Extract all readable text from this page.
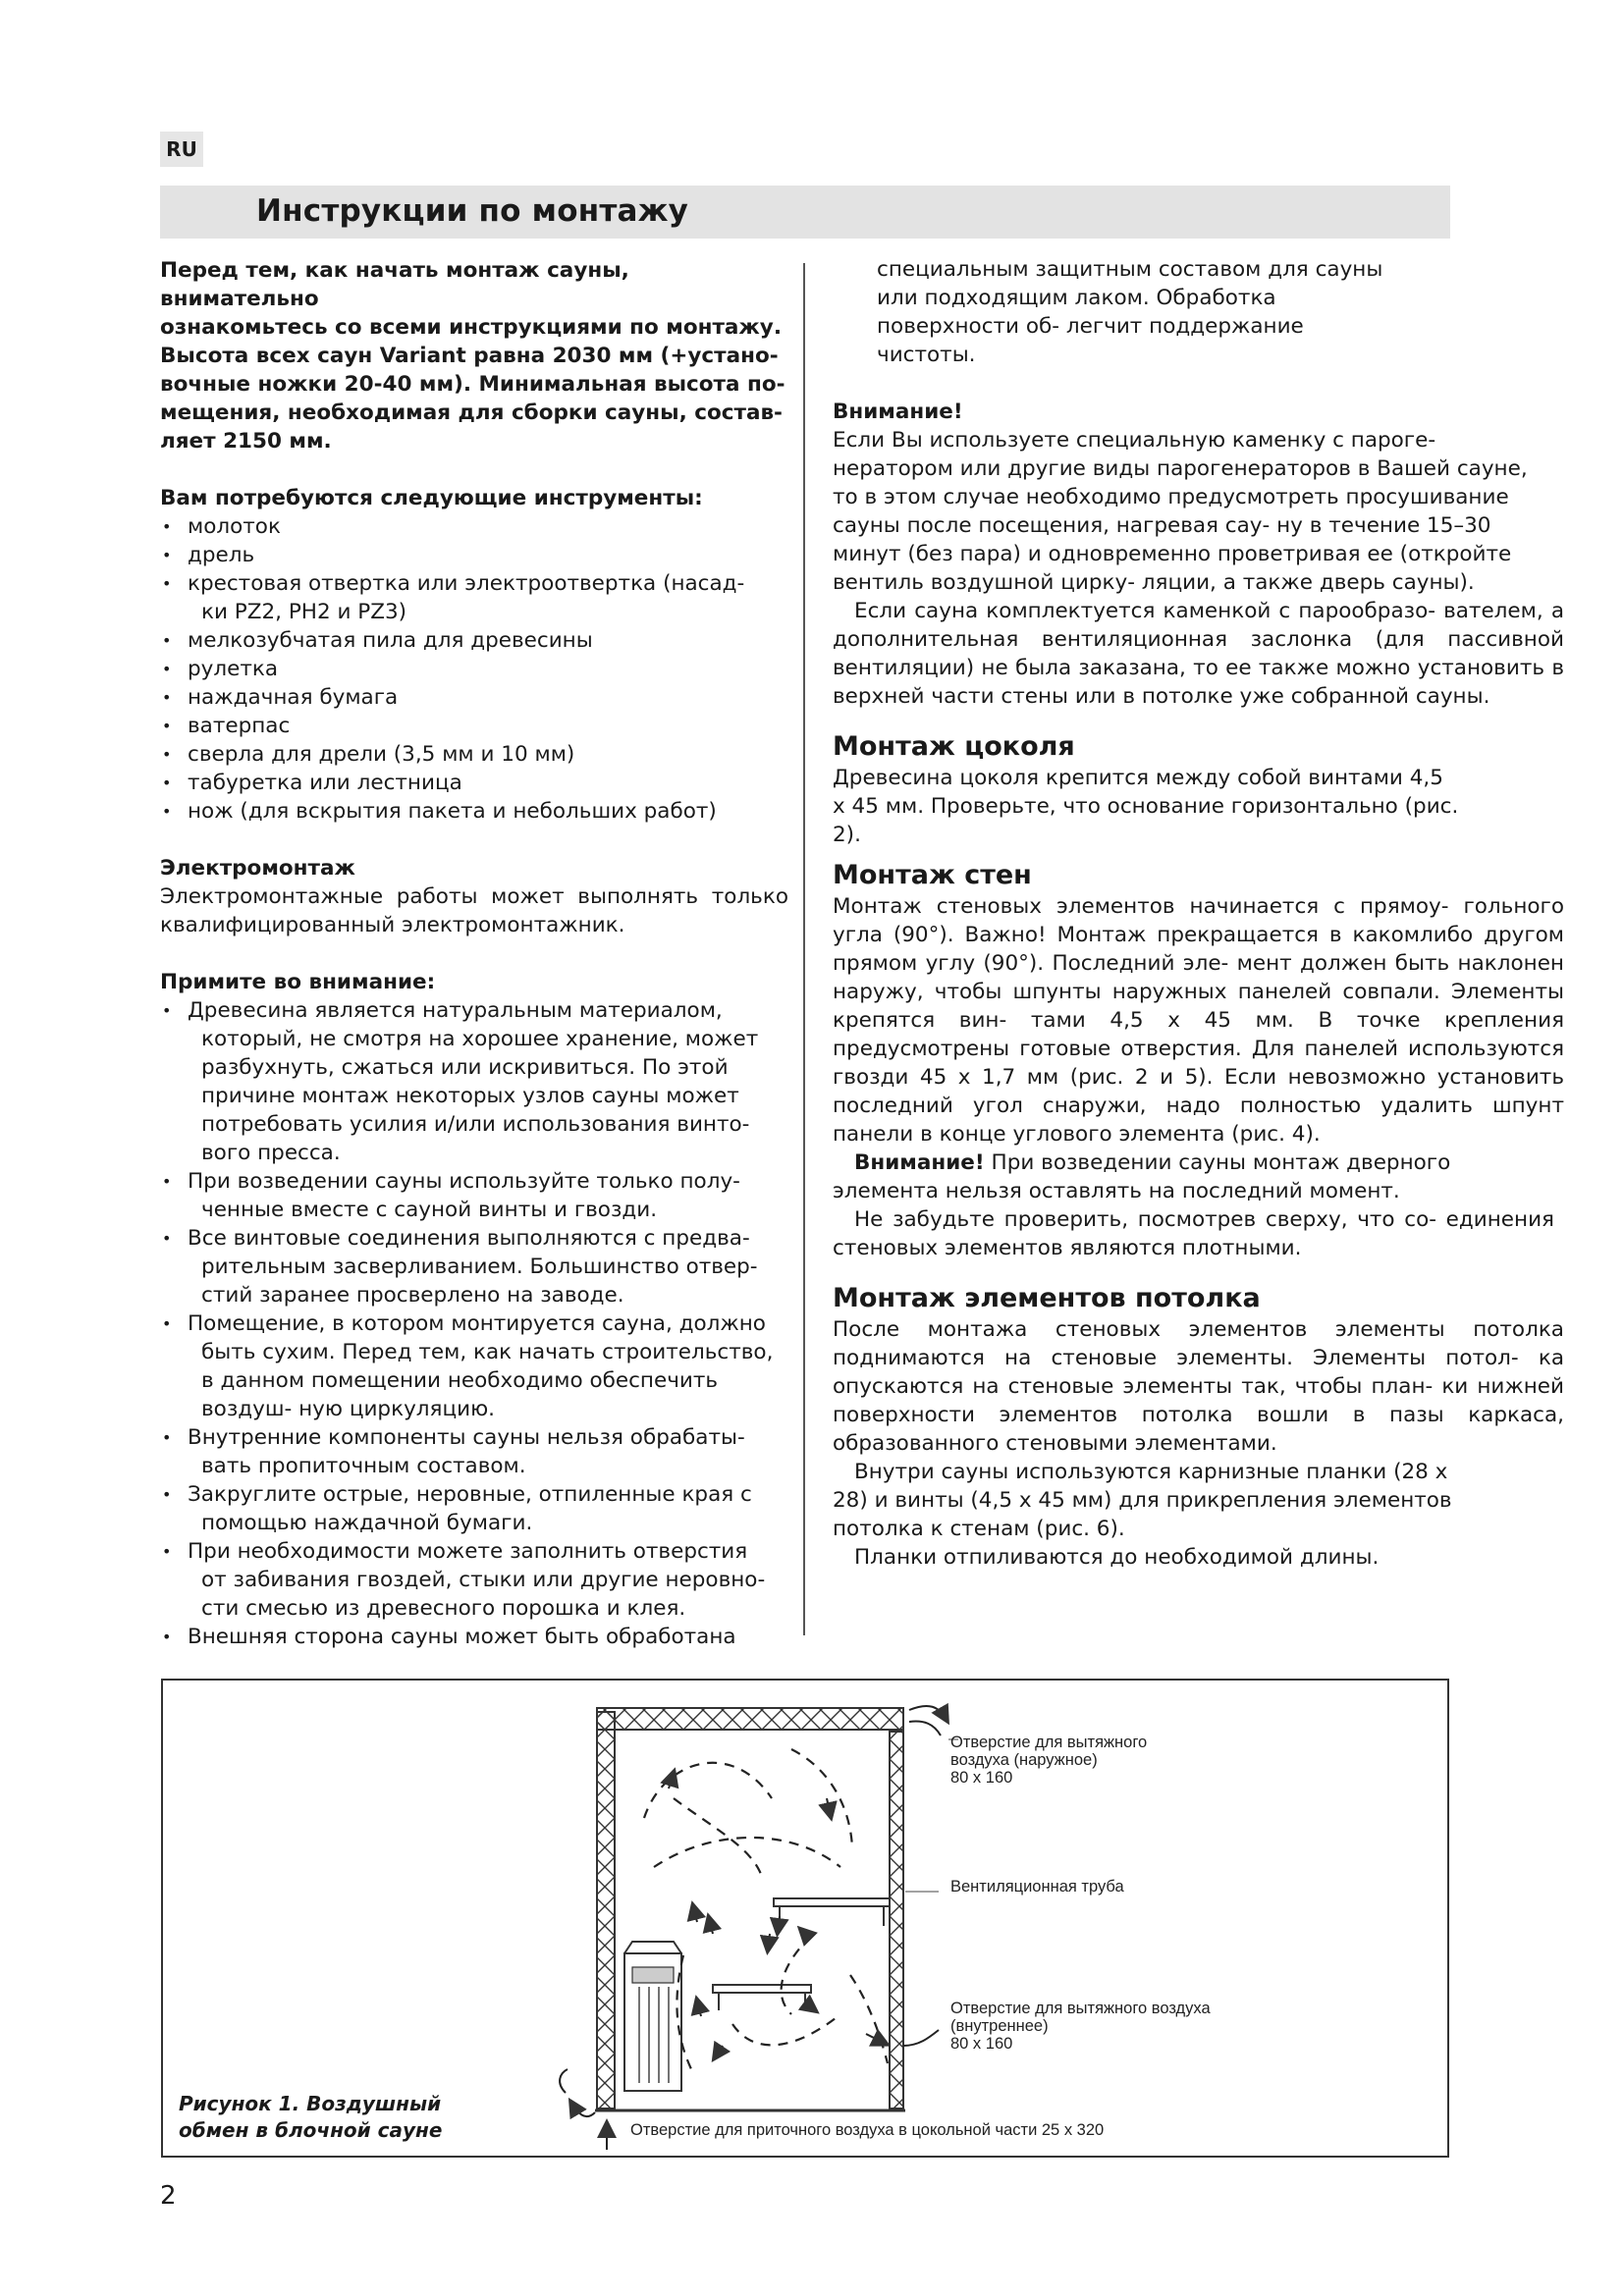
RU
Инструкции по монтажу

Перед тем, как начать монтаж сауны, внимательно

ознакомьтесь со всеми инструкциями по монтажу.

Высота всех саун Variant равна 2030 мм (+устано-

вочные ножки 20-40 мм). Минимальная высота по-

мещения, необходимая для сборки сауны, состав-

ляет 2150 мм.

Вам потребуются следующие инструменты:

• молоток
• дрель
• крестовая отвертка или электроотвертка (насад-
ки PZ2, PH2 и PZ3)
• мелкозубчатая пила для древесины
• рулетка
• наждачная бумага
• ватерпас
• сверла для дрели (3,5 мм и 10 мм)
• табуретка или лестница
• нож (для вскрытия пакета и небольших работ)

Электромонтаж

Электромонтажные работы может выполнять только квалифицированный электромонтажник.

Примите во внимание:

• Древесина является натуральным материалом,
который, не смотря на хорошее хранение, может разбухнуть, сжаться или искривиться. По этой причине монтаж некоторых узлов сауны может потребовать усилия и/или использования винто- вого пресса.
• При возведении сауны используйте только полу-
ченные вместе с сауной винты и гвозди.
• Все винтовые соединения выполняются с предва-
рительным засверливанием. Большинство отвер- стий заранее просверлено на заводе.
• Помещение, в котором монтируется сауна, должно
быть сухим. Перед тем, как начать строительство, в данном помещении необходимо обеспечить воздуш- ную циркуляцию.
• Внутренние компоненты сауны нельзя обрабаты-
вать пропиточным составом.
• Закруглите острые, неровные, отпиленные края с
помощью наждачной бумаги.
• При необходимости можете заполнить отверстия
от забивания гвоздей, стыки или другие неровно- сти смесью из древесного порошка и клея.
• Внешняя сторона сауны может быть обработана

специальным защитным составом для сауны или подходящим лаком. Обработка поверхности об- легчит поддержание чистоты.

Внимание!

Если Вы используете специальную каменку с пароге- нератором или другие виды парогенераторов в Вашей сауне, то в этом случае необходимо предусмотреть просушивание сауны после посещения, нагревая сау- ну в течение 15–30 минут (без пара) и одновременно проветривая ее (откройте вентиль воздушной цирку- ляции, а также дверь сауны).

Если сауна комплектуется каменкой с парообразо- вателем, а дополнительная вентиляционная заслонка (для пассивной вентиляции) не была заказана, то ее также можно установить в верхней части стены или в потолке уже собранной сауны.

Монтаж цоколя

Древесина цоколя крепится между собой винтами 4,5 х 45 мм. Проверьте, что основание горизонтально (рис. 2).

Монтаж стен

Монтаж стеновых элементов начинается с прямоу- гольного угла (90°). Важно! Монтаж прекращается в какомлибо другом прямом углу (90°). Последний эле- мент должен быть наклонен наружу, чтобы шпунты наружных панелей совпали. Элементы крепятся вин- тами 4,5 х 45 мм. В точке крепления предусмотрены готовые отверстия. Для панелей используются гвозди 45 х 1,7 мм (рис. 2 и 5). Если невозможно установить последний угол снаружи, надо полностью удалить шпунт панели в конце углового элемента (рис. 4).

Внимание! При возведении сауны монтаж дверного элемента нельзя оставлять на последний момент.

Не забудьте проверить, посмотрев сверху, что со- единения стеновых элементов являются плотными.

Монтаж элементов потолка

После монтажа стеновых элементов элементы потолка поднимаются на стеновые элементы. Элементы потол- ка опускаются на стеновые элементы так, чтобы план- ки нижней поверхности элементов потолка вошли в пазы каркаса, образованного стеновыми элементами.

Внутри сауны используются карнизные планки (28 х 28) и винты (4,5 х 45 мм) для прикрепления элементов потолка к стенам (рис. 6).

Планки отпиливаются до необходимой длины.

Отверстие для вытяжного
воздуха (наружное)
80 x 160
Вентиляционная труба
Отверстие для вытяжного воздуха
(внутреннее)
80 x 160
Отверстие для приточного воздуха в цокольной части 25 x 320
Рисунок 1. Воздушный
обмен в блочной сауне
2
